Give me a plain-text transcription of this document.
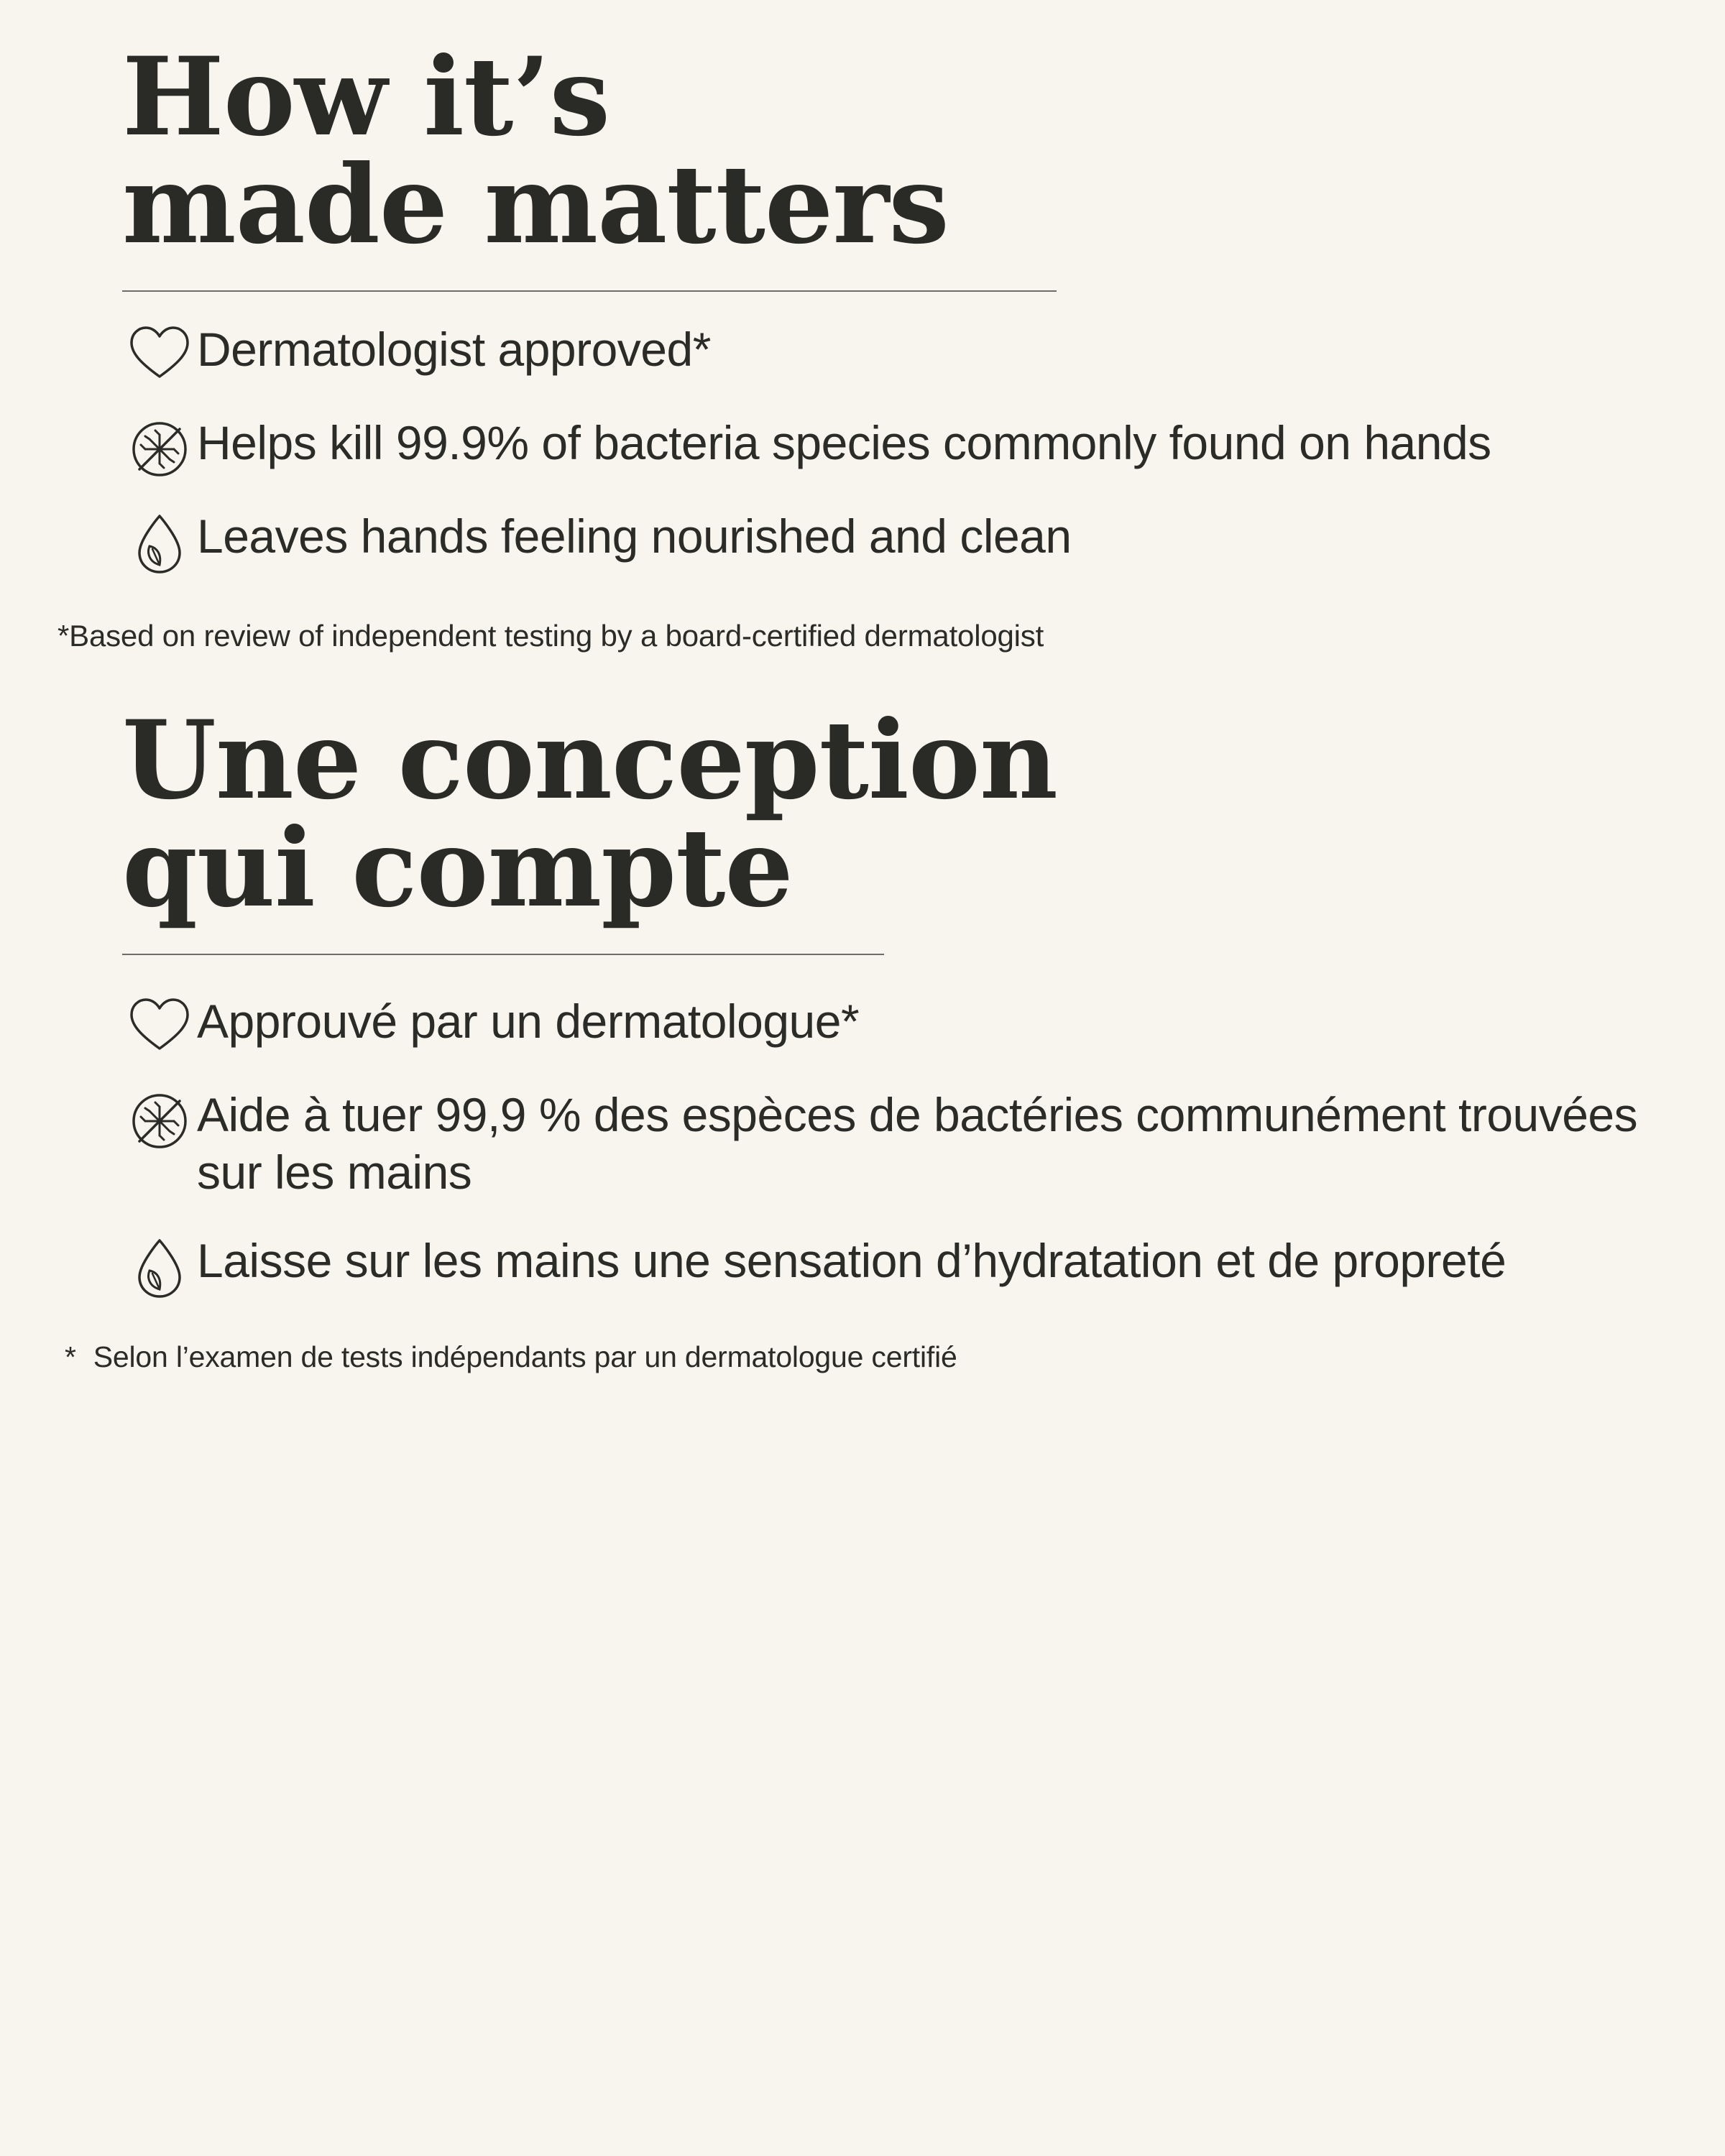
How it’s
made matters
Dermatologist approved*
Helps kill 99.9% of bacteria species commonly found on hands
Leaves hands feeling nourished and clean

*Based on review of independent testing by a board-certified dermatologist

Une conception
qui compte
Approuvé par un dermatologue*
Aide à tuer 99,9 % des espèces de bactéries communément trouvées sur les mains
Laisse sur les mains une sensation d’hydratation et de propreté

* Selon l’examen de tests indépendants par un dermatologue certifié
